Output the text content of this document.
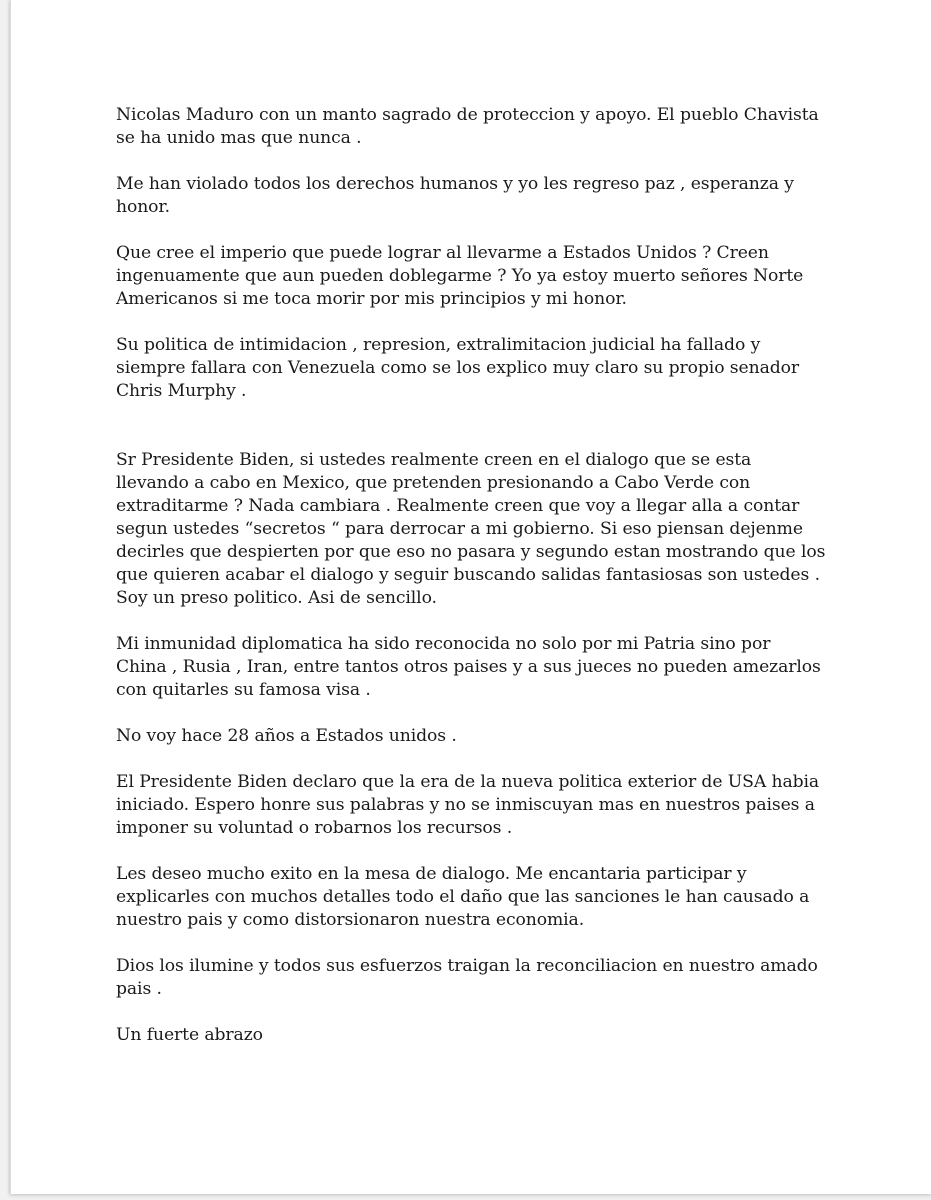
Nicolas Maduro con un manto sagrado de proteccion y apoyo. El pueblo Chavista se ha unido mas que nunca .

Me han violado todos los derechos humanos y yo les regreso paz , esperanza y honor.

Que cree el imperio que puede lograr al llevarme a Estados Unidos ? Creen ingenuamente que aun pueden doblegarme ? Yo ya estoy muerto señores Norte Americanos si me toca morir por mis principios y mi honor.

Su politica de intimidacion , represion, extralimitacion judicial ha fallado y siempre fallara con Venezuela como se los explico muy claro su propio senador Chris Murphy .

Sr Presidente Biden, si ustedes realmente creen en el dialogo que se esta llevando a cabo en Mexico, que pretenden presionando a Cabo Verde con extraditarme ? Nada cambiara . Realmente creen que voy a llegar alla a contar segun ustedes “secretos “ para derrocar a mi gobierno. Si eso piensan dejenme decirles que despierten por que eso no pasara y segundo estan mostrando que los que quieren acabar el dialogo y seguir buscando salidas fantasiosas son ustedes . Soy un preso politico. Asi de sencillo.

Mi inmunidad diplomatica ha sido reconocida no solo por mi Patria sino por China , Rusia , Iran, entre tantos otros paises y a sus jueces no pueden amezarlos con quitarles su famosa visa .

No voy hace 28 años a Estados unidos .

El Presidente Biden declaro que la era de la nueva politica exterior de USA habia iniciado. Espero honre sus palabras y no se inmiscuyan mas en nuestros paises a imponer su voluntad o robarnos los recursos .

Les deseo mucho exito en la mesa de dialogo. Me encantaria participar y explicarles con muchos detalles todo el daño que las sanciones le han causado a nuestro pais y como distorsionaron nuestra economia.

Dios los ilumine y todos sus esfuerzos traigan la reconciliacion en nuestro amado pais .

Un fuerte abrazo
